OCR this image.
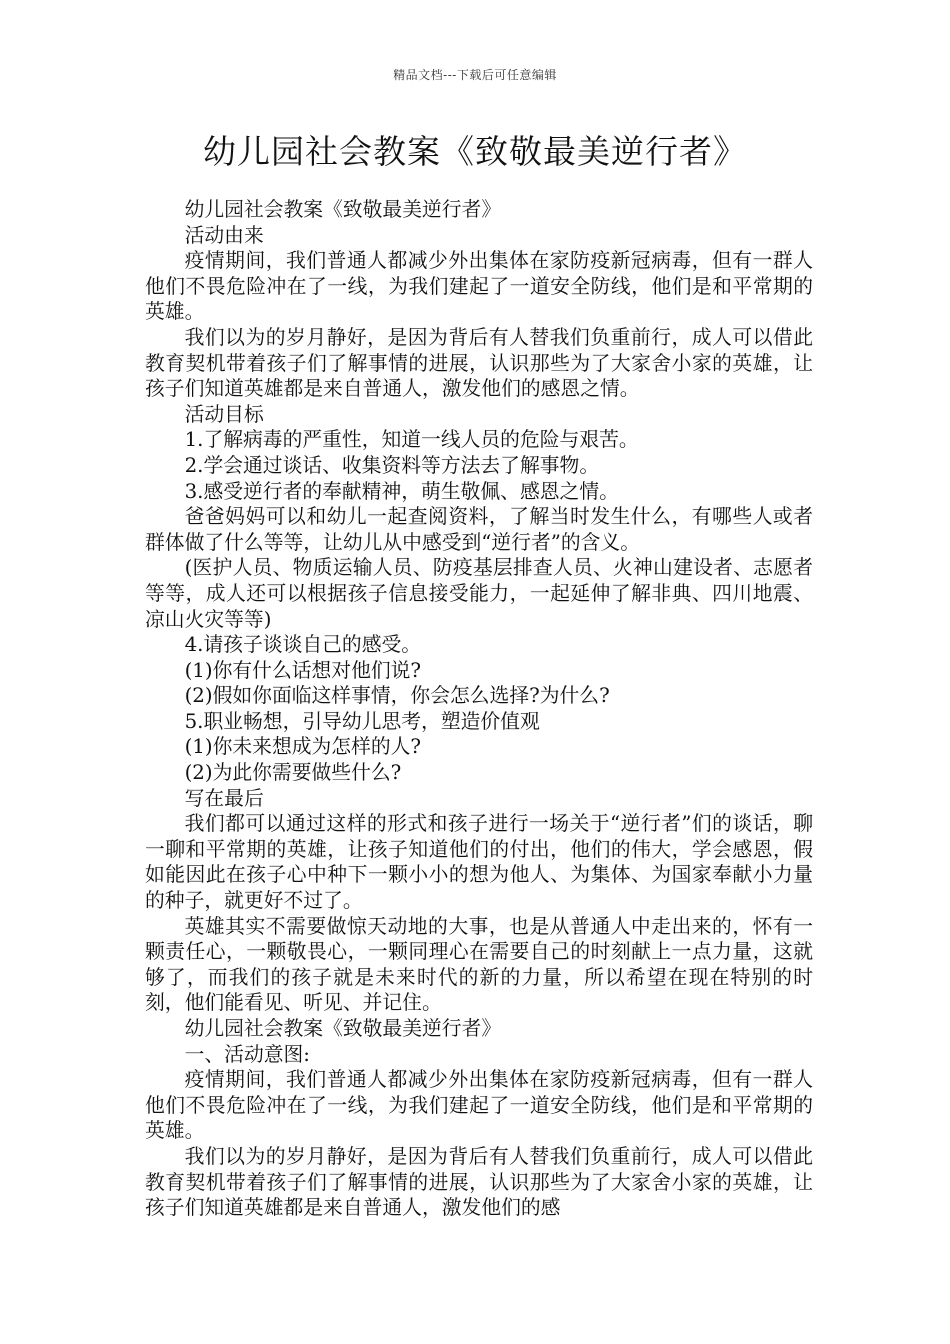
精品文档---下载后可任意编辑
幼儿园社会教案《致敬最美逆行者》

幼儿园社会教案《致敬最美逆行者》

活动由来

疫情期间，我们普通人都减少外出集体在家防疫新冠病毒，但有一群人他们不畏危险冲在了一线，为我们建起了一道安全防线，他们是和平常期的英雄。

我们以为的岁月静好，是因为背后有人替我们负重前行，成人可以借此教育契机带着孩子们了解事情的进展，认识那些为了大家舍小家的英雄，让孩子们知道英雄都是来自普通人，激发他们的感恩之情。

活动目标

1.了解病毒的严重性，知道一线人员的危险与艰苦。

2.学会通过谈话、收集资料等方法去了解事物。

3.感受逆行者的奉献精神，萌生敬佩、感恩之情。

爸爸妈妈可以和幼儿一起查阅资料，了解当时发生什么，有哪些人或者群体做了什么等等，让幼儿从中感受到“逆行者”的含义。

(医护人员、物质运输人员、防疫基层排查人员、火神山建设者、志愿者等等，成人还可以根据孩子信息接受能力，一起延伸了解非典、四川地震、凉山火灾等等)

4.请孩子谈谈自己的感受。

(1)你有什么话想对他们说?

(2)假如你面临这样事情，你会怎么选择?为什么?

5.职业畅想，引导幼儿思考，塑造价值观

(1)你未来想成为怎样的人?

(2)为此你需要做些什么?

写在最后

我们都可以通过这样的形式和孩子进行一场关于“逆行者”们的谈话，聊一聊和平常期的英雄，让孩子知道他们的付出，他们的伟大，学会感恩，假如能因此在孩子心中种下一颗小小的想为他人、为集体、为国家奉献小力量的种子，就更好不过了。

英雄其实不需要做惊天动地的大事，也是从普通人中走出来的，怀有一颗责任心，一颗敬畏心，一颗同理心在需要自己的时刻献上一点力量，这就够了，而我们的孩子就是未来时代的新的力量，所以希望在现在特别的时刻，他们能看见、听见、并记住。

幼儿园社会教案《致敬最美逆行者》

一、活动意图:

疫情期间，我们普通人都减少外出集体在家防疫新冠病毒，但有一群人他们不畏危险冲在了一线，为我们建起了一道安全防线，他们是和平常期的英雄。

我们以为的岁月静好，是因为背后有人替我们负重前行，成人可以借此教育契机带着孩子们了解事情的进展，认识那些为了大家舍小家的英雄，让孩子们知道英雄都是来自普通人，激发他们的感
